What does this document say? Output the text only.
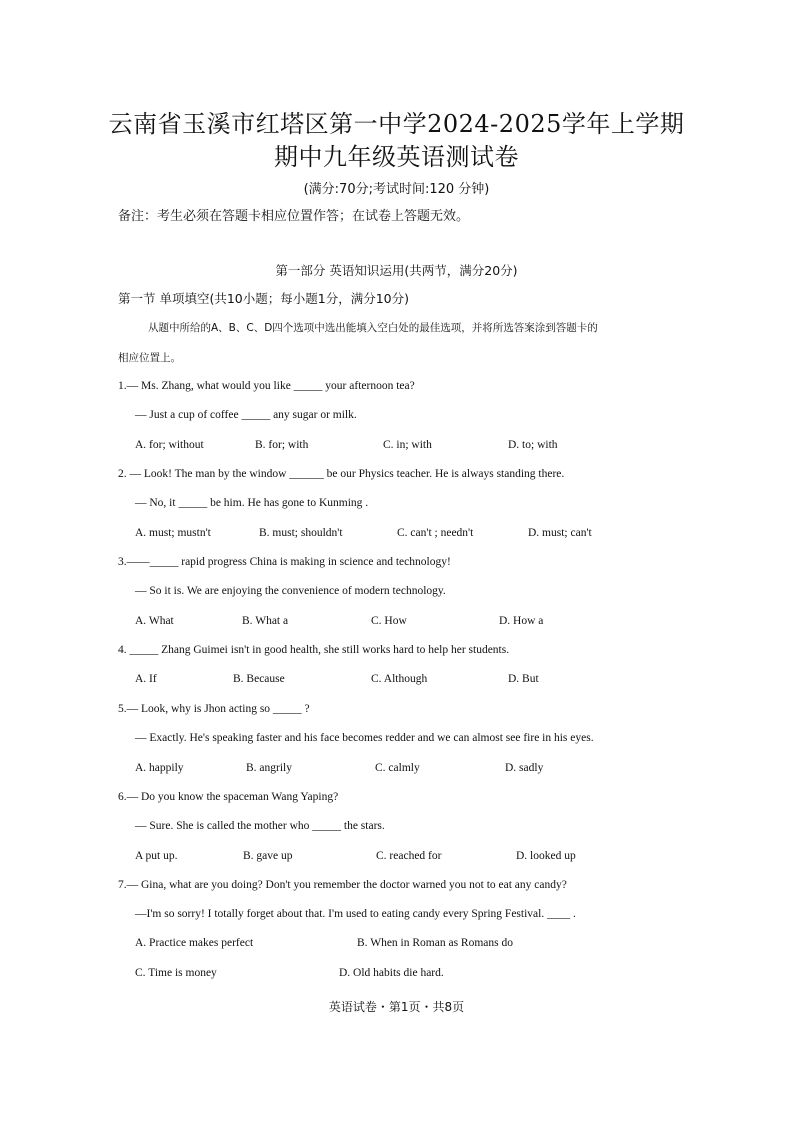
云南省玉溪市红塔区第一中学2024-2025学年上学期
期中九年级英语测试卷
(满分:70分;考试时间:120 分钟)
备注：考生必须在答题卡相应位置作答；在试卷上答题无效。
第一部分 英语知识运用(共两节，满分20分)
第一节 单项填空(共10小题；每小题1分，满分10分)
从题中所给的A、B、C、D四个选项中选出能填入空白处的最佳选项，并将所选答案涂到答题卡的
相应位置上。
1.— Ms. Zhang, what would you like _____ your afternoon tea?
— Just a cup of coffee _____ any sugar or milk.
A. for; without	B. for; with	C. in; with	D. to; with
2. — Look! The man by the window ______ be our Physics teacher. He is always standing there.
— No, it _____ be him. He has gone to Kunming .
A. must; mustn't	B. must; shouldn't	C. can't ; needn't	D. must; can't
3.——_____ rapid progress China is making in science and technology!
— So it is. We are enjoying the convenience of modern technology.
A. What	B. What a	C. How	D. How a
4. _____ Zhang Guimei isn't in good health, she still works hard to help her students.
A. If	B. Because	C. Although	D. But
5.— Look, why is Jhon acting so _____ ?
— Exactly. He's speaking faster and his face becomes redder and we can almost see fire in his eyes.
A. happily	B. angrily	C. calmly	D. sadly
6.— Do you know the spaceman Wang Yaping?
— Sure. She is called the mother who _____ the stars.
A put up.	B. gave up	C. reached for	D. looked up
7.— Gina, what are you doing? Don't you remember the doctor warned you not to eat any candy?
—I'm so sorry! I totally forget about that. I'm used to eating candy every Spring Festival. ____ .
A. Practice makes perfect	B. When in Roman as Romans do
C. Time is money	D. Old habits die hard.
英语试卷・第1页・共8页
